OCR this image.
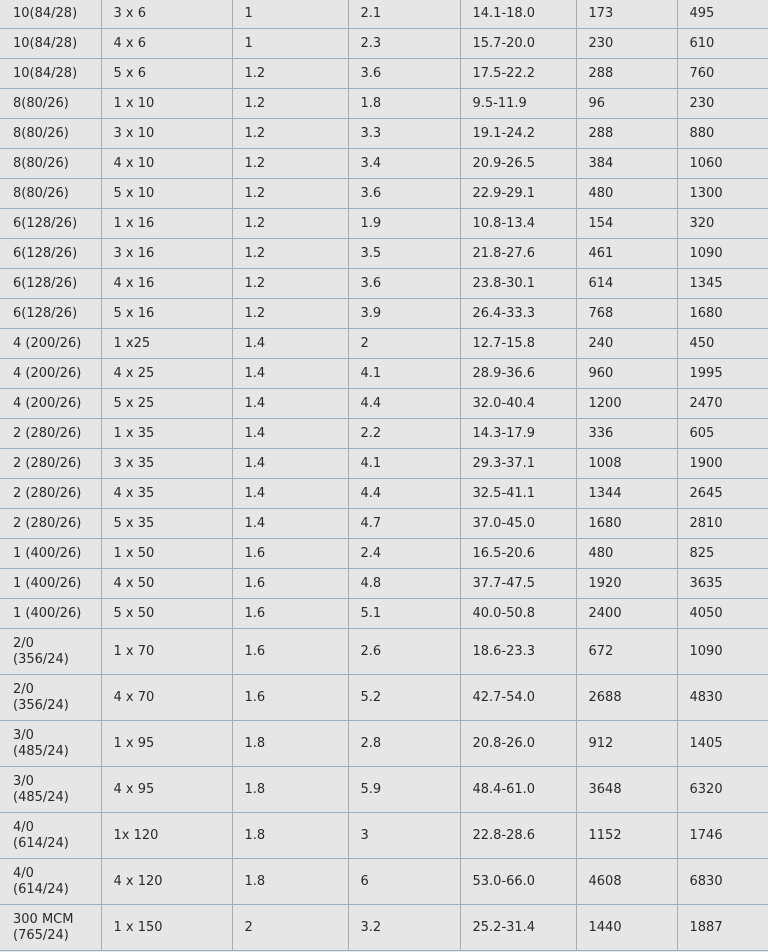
10(84/28)	3 x 6	1	2.1	14.1-18.0	173	495
10(84/28)	4 x 6	1	2.3	15.7-20.0	230	610
10(84/28)	5 x 6	1.2	3.6	17.5-22.2	288	760
8(80/26)	1 x 10	1.2	1.8	9.5-11.9	96	230
8(80/26)	3 x 10	1.2	3.3	19.1-24.2	288	880
8(80/26)	4 x 10	1.2	3.4	20.9-26.5	384	1060
8(80/26)	5 x 10	1.2	3.6	22.9-29.1	480	1300
6(128/26)	1 x 16	1.2	1.9	10.8-13.4	154	320
6(128/26)	3 x 16	1.2	3.5	21.8-27.6	461	1090
6(128/26)	4 x 16	1.2	3.6	23.8-30.1	614	1345
6(128/26)	5 x 16	1.2	3.9	26.4-33.3	768	1680
4 (200/26)	1 x25	1.4	2	12.7-15.8	240	450
4 (200/26)	4 x 25	1.4	4.1	28.9-36.6	960	1995
4 (200/26)	5 x 25	1.4	4.4	32.0-40.4	1200	2470
2 (280/26)	1 x 35	1.4	2.2	14.3-17.9	336	605
2 (280/26)	3 x 35	1.4	4.1	29.3-37.1	1008	1900
2 (280/26)	4 x 35	1.4	4.4	32.5-41.1	1344	2645
2 (280/26)	5 x 35	1.4	4.7	37.0-45.0	1680	2810
1 (400/26)	1 x 50	1.6	2.4	16.5-20.6	480	825
1 (400/26)	4 x 50	1.6	4.8	37.7-47.5	1920	3635
1 (400/26)	5 x 50	1.6	5.1	40.0-50.8	2400	4050
2/0
(356/24)	1 x 70	1.6	2.6	18.6-23.3	672	1090
2/0
(356/24)	4 x 70	1.6	5.2	42.7-54.0	2688	4830
3/0
(485/24)	1 x 95	1.8	2.8	20.8-26.0	912	1405
3/0
(485/24)	4 x 95	1.8	5.9	48.4-61.0	3648	6320
4/0
(614/24)	1x 120	1.8	3	22.8-28.6	1152	1746
4/0
(614/24)	4 x 120	1.8	6	53.0-66.0	4608	6830
300 MCM
(765/24)	1 x 150	2	3.2	25.2-31.4	1440	1887
